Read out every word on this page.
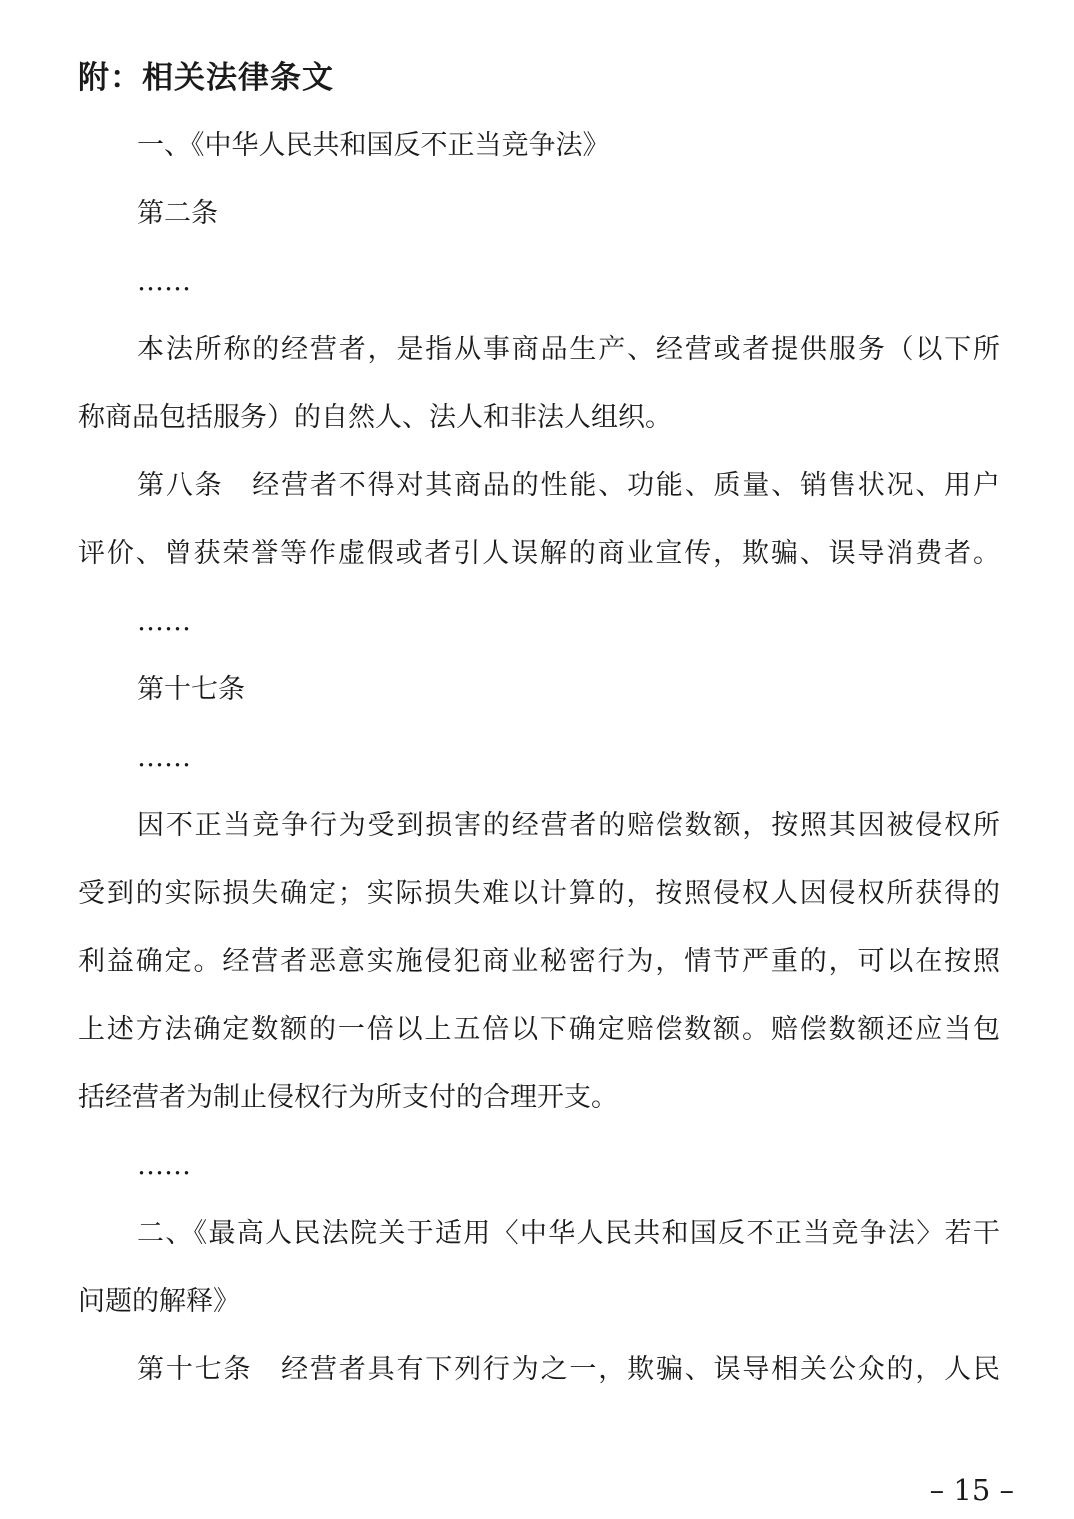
附：相关法律条文
一、《中华人民共和国反不正当竞争法》
第二条
……
本法所称的经营者，是指从事商品生产、经营或者提供服务（以下所
称商品包括服务）的自然人、法人和非法人组织。
第八条　经营者不得对其商品的性能、功能、质量、销售状况、用户
评价、曾获荣誉等作虚假或者引人误解的商业宣传，欺骗、误导消费者。
……
第十七条
……
因不正当竞争行为受到损害的经营者的赔偿数额，按照其因被侵权所
受到的实际损失确定；实际损失难以计算的，按照侵权人因侵权所获得的
利益确定。经营者恶意实施侵犯商业秘密行为，情节严重的，可以在按照
上述方法确定数额的一倍以上五倍以下确定赔偿数额。赔偿数额还应当包
括经营者为制止侵权行为所支付的合理开支。
……
二、《最高人民法院关于适用〈中华人民共和国反不正当竞争法〉若干
问题的解释》
第十七条　经营者具有下列行为之一，欺骗、误导相关公众的，人民
– 15 –
